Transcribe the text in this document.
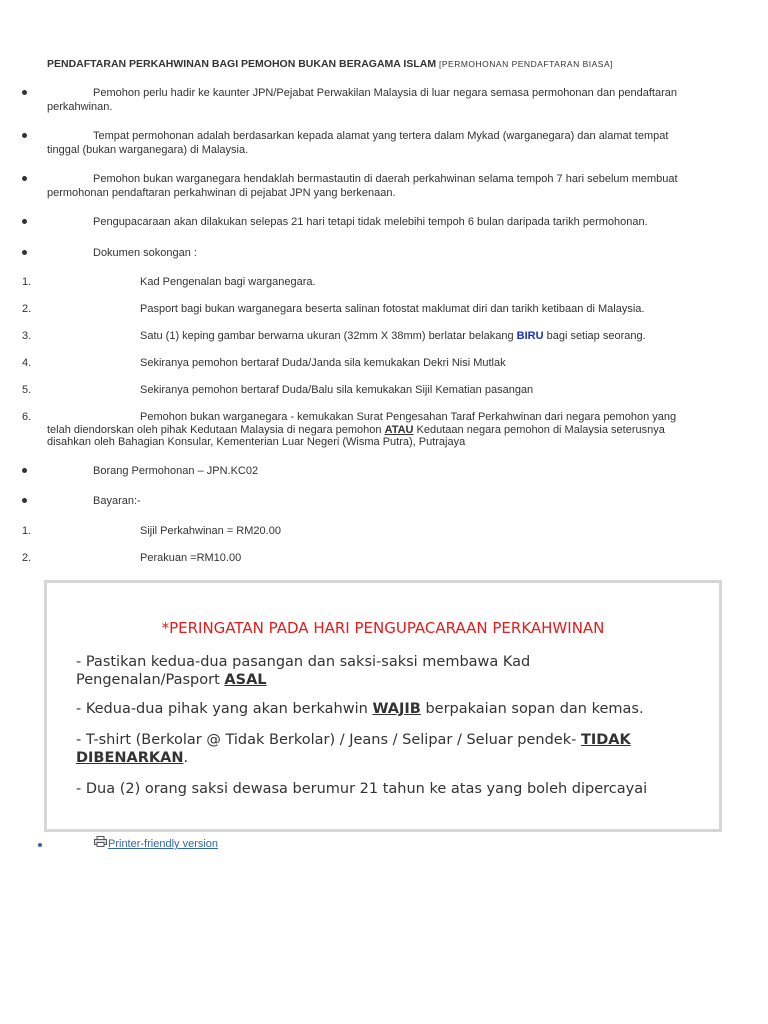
PENDAFTARAN PERKAHWINAN BAGI PEMOHON BUKAN BERAGAMA ISLAM [PERMOHONAN PENDAFTARAN BIASA]
Pemohon perlu hadir ke kaunter JPN/Pejabat Perwakilan Malaysia di luar negara semasa permohonan dan pendaftaran
perkahwinan.
Tempat permohonan adalah berdasarkan kepada alamat yang tertera dalam Mykad (warganegara) dan alamat tempat
tinggal (bukan warganegara) di Malaysia.
Pemohon bukan warganegara hendaklah bermastautin di daerah perkahwinan selama tempoh 7 hari sebelum membuat
permohonan pendaftaran perkahwinan di pejabat JPN yang berkenaan.
Pengupacaraan akan dilakukan selepas 21 hari tetapi tidak melebihi tempoh 6 bulan daripada tarikh permohonan.
Dokumen sokongan :
1.	Kad Pengenalan bagi warganegara.
2.	Pasport bagi bukan warganegara beserta salinan fotostat maklumat diri dan tarikh ketibaan di Malaysia.
3.	Satu (1) keping gambar berwarna ukuran (32mm X 38mm) berlatar belakang BIRU bagi setiap seorang.
4.	Sekiranya pemohon bertaraf Duda/Janda sila kemukakan Dekri Nisi Mutlak
5.	Sekiranya pemohon bertaraf Duda/Balu sila kemukakan Sijil Kematian pasangan
6.	Pemohon bukan warganegara - kemukakan Surat Pengesahan Taraf Perkahwinan dari negara pemohon yang
telah diendorskan oleh pihak Kedutaan Malaysia di negara pemohon ATAU Kedutaan negara pemohon di Malaysia seterusnya
disahkan oleh Bahagian Konsular, Kementerian Luar Negeri (Wisma Putra), Putrajaya
Borang Permohonan – JPN.KC02
Bayaran:-
1.	Sijil Perkahwinan = RM20.00
2.	Perakuan =RM10.00
*PERINGATAN PADA HARI PENGUPACARAAN PERKAHWINAN
- Pastikan kedua-dua pasangan dan saksi-saksi membawa Kad
Pengenalan/Pasport ASAL
- Kedua-dua pihak yang akan berkahwin WAJIB berpakaian sopan dan kemas.
- T-shirt (Berkolar @ Tidak Berkolar) / Jeans / Selipar / Seluar pendek- TIDAK
DIBENARKAN.
- Dua (2) orang saksi dewasa berumur 21 tahun ke atas yang boleh dipercayai
Printer-friendly version
